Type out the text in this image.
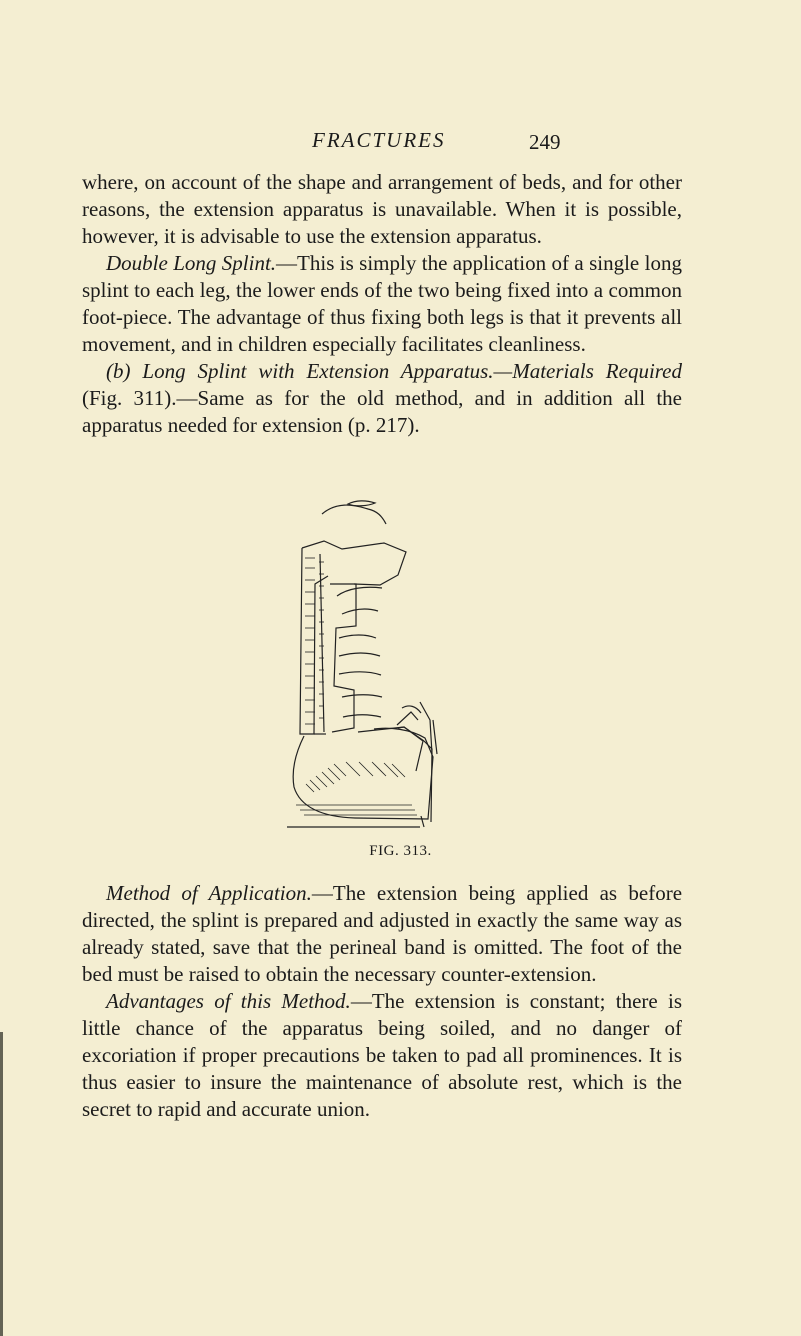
FRACTURES	249

where, on account of the shape and arrangement of beds, and for other reasons, the extension apparatus is unavailable. When it is possible, however, it is advisable to use the extension apparatus.

Double Long Splint.—This is simply the application of a single long splint to each leg, the lower ends of the two being fixed into a common foot-piece. The advantage of thus fixing both legs is that it prevents all movement, and in children especially facilitates cleanliness.

(b) Long Splint with Extension Apparatus.—Materials Required (Fig. 311).—Same as for the old method, and in addition all the apparatus needed for extension (p. 217).

FIG. 313.

Method of Application.—The extension being applied as before directed, the splint is prepared and adjusted in exactly the same way as already stated, save that the perineal band is omitted. The foot of the bed must be raised to obtain the necessary counter-extension.

Advantages of this Method.—The extension is constant; there is little chance of the apparatus being soiled, and no danger of excoriation if proper precautions be taken to pad all prominences. It is thus easier to insure the maintenance of absolute rest, which is the secret to rapid and accurate union.
